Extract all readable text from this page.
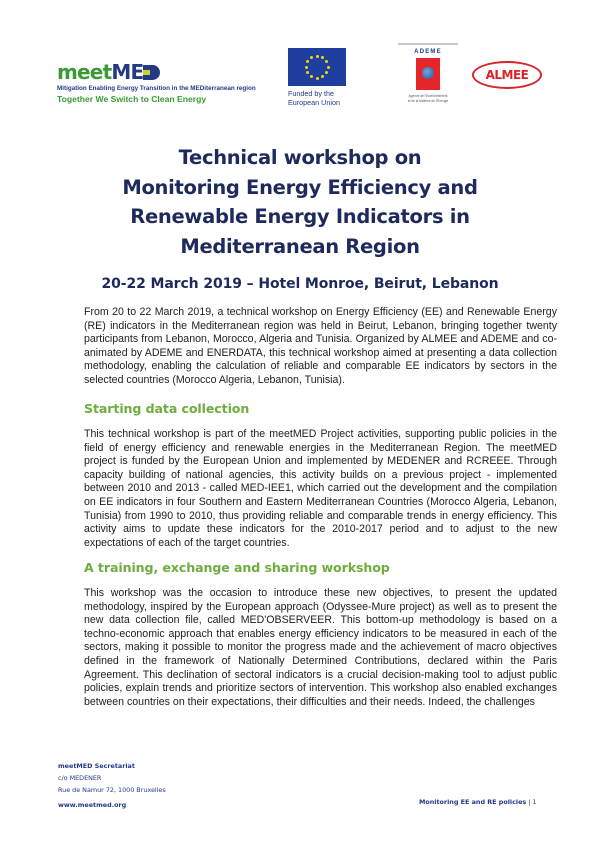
meet ME
Mitigation Enabling Energy Transition in the MEDiterranean region
Together We Switch to Clean Energy
Funded by the
European Union
ADEME
Agence de l'Environnement
et de la Maîtrise de l'Énergie
ALMEE
Technical workshop on
Monitoring Energy Efficiency and
Renewable Energy Indicators in
Mediterranean Region
20-22 March 2019 – Hotel Monroe, Beirut, Lebanon
From 20 to 22 March 2019, a technical workshop on Energy Efficiency (EE) and Renewable Energy (RE) indicators in the Mediterranean region was held in Beirut, Lebanon, bringing together twenty participants from Lebanon, Morocco, Algeria and Tunisia. Organized by ALMEE and ADEME and co-animated by ADEME and ENERDATA, this technical workshop aimed at presenting a data collection methodology, enabling the calculation of reliable and comparable EE indicators by sectors in the selected countries (Morocco Algeria, Lebanon, Tunisia).
Starting data collection
This technical workshop is part of the meetMED Project activities, supporting public policies in the field of energy efficiency and renewable energies in the Mediterranean Region. The meetMED project is funded by the European Union and implemented by MEDENER and RCREEE. Through capacity building of national agencies, this activity builds on a previous project - implemented between 2010 and 2013 - called MED-IEE1, which carried out the development and the compilation on EE indicators in four Southern and Eastern Mediterranean Countries (Morocco Algeria, Lebanon, Tunisia) from 1990 to 2010, thus providing reliable and comparable trends in energy efficiency. This activity aims to update these indicators for the 2010-2017 period and to adjust to the new expectations of each of the target countries.
A training, exchange and sharing workshop
This workshop was the occasion to introduce these new objectives, to present the updated methodology, inspired by the European approach (Odyssee-Mure project) as well as to present the new data collection file, called MED'OBSERVEER. This bottom-up methodology is based on a techno-economic approach that enables energy efficiency indicators to be measured in each of the sectors, making it possible to monitor the progress made and the achievement of macro objectives defined in the framework of Nationally Determined Contributions, declared within the Paris Agreement. This declination of sectoral indicators is a crucial decision-making tool to adjust public policies, explain trends and prioritize sectors of intervention. This workshop also enabled exchanges between countries on their expectations, their difficulties and their needs. Indeed, the challenges
meetMED Secretariat
c/o MEDENER
Rue de Namur 72, 1000 Bruxelles
www.meetmed.org	Monitoring EE and RE policies | 1
